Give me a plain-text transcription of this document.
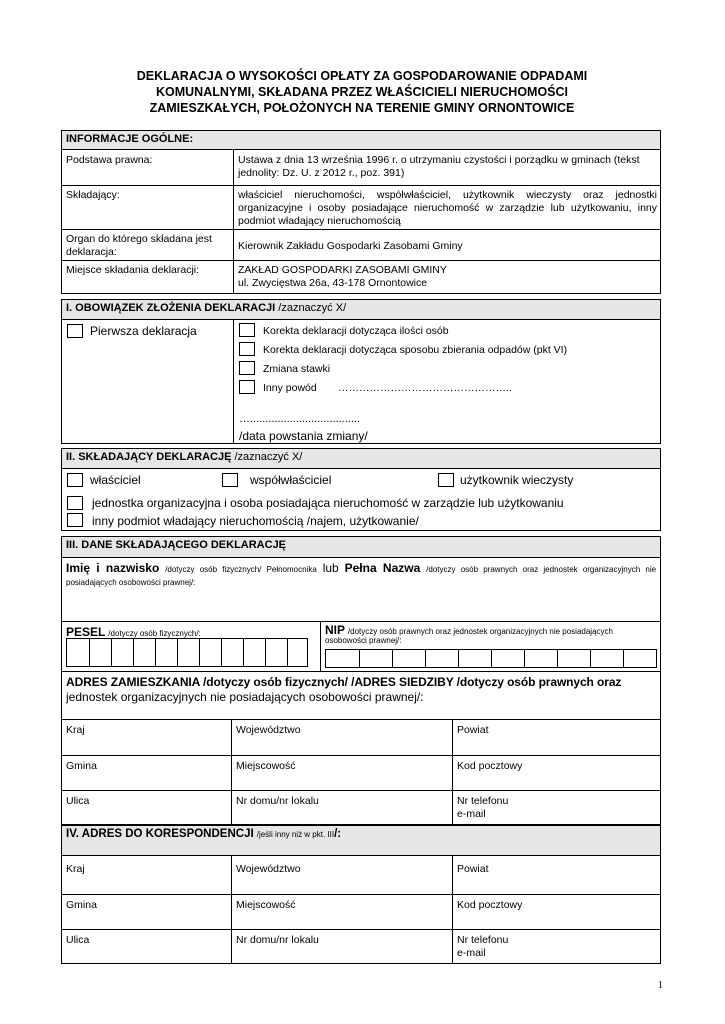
DEKLARACJA O WYSOKOŚCI OPŁATY ZA GOSPODAROWANIE ODPADAMI
KOMUNALNYMI, SKŁADANA PRZEZ WŁAŚCICIELI NIERUCHOMOŚCI
ZAMIESZKAŁYCH, POŁOŻONYCH NA TERENIE GMINY ORNONTOWICE
INFORMACJE OGÓLNE:
Podstawa prawna:	Ustawa z dnia 13 września 1996 r. o utrzymaniu czystości i porządku w gminach (tekst jednolity: Dz. U. z 2012 r., poz. 391)
Składający:	właściciel nieruchomości, współwłaściciel, użytkownik wieczysty oraz jednostki organizacyjne i osoby posiadające nieruchomość w zarządzie lub użytkowaniu, inny podmiot władający nieruchomością
Organ do którego składana jest deklaracja:	Kierownik Zakładu Gospodarki Zasobami Gminy
Miejsce składania deklaracji:	ZAKŁAD GOSPODARKI ZASOBAMI GMINY
ul. Zwycięstwa 26a, 43-178 Ornontowice
I. OBOWIĄZEK ZŁOŻENIA DEKLARACJI /zaznaczyć X/
Pierwsza deklaracja	Korekta deklaracji dotycząca ilości osób
Korekta deklaracji dotycząca sposobu zbierania odpadów (pkt VI)
Zmiana stawki
Inny powód …………………………………………..
…....................................
/data powstania zmiany/
II. SKŁADAJĄCY DEKLARACJĘ /zaznaczyć X/
właściciel	współwłaściciel	użytkownik wieczysty
jednostka organizacyjna i osoba posiadająca nieruchomość w zarządzie lub użytkowaniu
inny podmiot władający nieruchomością /najem, użytkowanie/
III. DANE SKŁADAJĄCEGO DEKLARACJĘ
Imię i nazwisko /dotyczy osób fizycznych/ Pełnomocnika lub Pełna Nazwa /dotyczy osób prawnych oraz jednostek organizacyjnych nie posiadających osobowości prawnej/:
PESEL /dotyczy osób fizycznych/:	NIP /dotyczy osób prawnych oraz jednostek organizacyjnych nie posiadających osobowości prawnej/:
ADRES ZAMIESZKANIA /dotyczy osób fizycznych/ /ADRES SIEDZIBY /dotyczy osób prawnych oraz
jednostek organizacyjnych nie posiadających osobowości prawnej/:
Kraj	Województwo	Powiat
Gmina	Miejscowość	Kod pocztowy
Ulica	Nr domu/nr lokalu	Nr telefonu
e-mail
IV. ADRES DO KORESPONDENCJI /jeśli inny niż w pkt. III/:
Kraj	Województwo	Powiat
Gmina	Miejscowość	Kod pocztowy
Ulica	Nr domu/nr lokalu	Nr telefonu
e-mail
1
